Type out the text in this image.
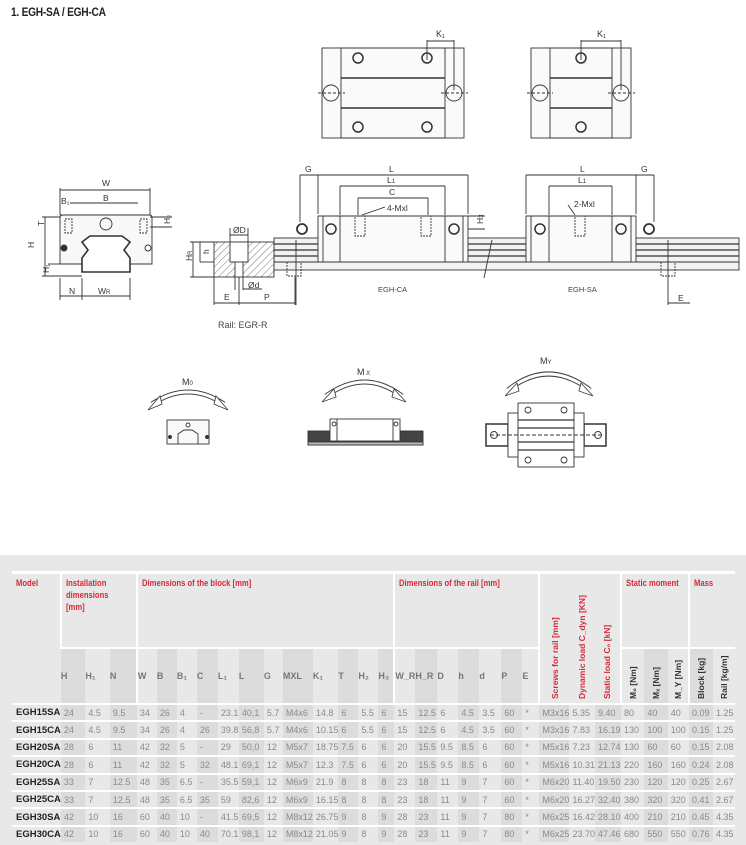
1. EGH-SA / EGH-CA
K₁	K₁
W
B₁	B
T
H
H₁
H₂
N	WR
ØD
h
HR
Ød
E	P
Rail: EGR-R
G	L
L1
C
4-Mxl
H3
L
L1
2-Mxl
G
EGH-CA	EGH-SA
E
M0
M X
MY
Model	Installation dimensions [mm]			Dimensions of the block [mm]												Dimensions of the rail [mm]							Screws for rail [mm]	Dynamic load C_dyn [KN]	Static load C₀ [kN]	Static moment			Mass	
	H	H₁	N	W	B	B₁	C	L₁	L	G	MXL	K₁	T	H₂	H₃	W_R	H_R	D	h	d	P	E				M₀ [Nm]	Mₓ [Nm]	M_Y [Nm]	Block [kg]	Rail [kg/m]

EGH15SA	24	4.5	9.5	34	26	4	-	23.1	40,1	5.7	M4x6	14.8	6	5.5	6	15	12.5	6	4.5	3.5	60	*	M3x16	5.35	9.40	80	40	40	0.09	1.25
EGH15CA	24	4.5	9.5	34	26	4	26	39.8	56,8	5.7	M4x6	10.15	6	5.5	6	15	12.5	6	4.5	3.5	60	*	M3x16	7.83	16.19	130	100	100	0.15	1.25
EGH20SA	28	6	11	42	32	5	-	29	50,0	12	M5x7	18.75	7.5	6	6	20	15.5	9.5	8.5	6	60	*	M5x16	7.23	12.74	130	60	60	0.15	2.08
EGH20CA	28	6	11	42	32	5	32	48.1	69,1	12	M5x7	12.3	7.5	6	6	20	15.5	9.5	8.5	6	60	*	M5x16	10.31	21.13	220	160	160	0.24	2.08
EGH25SA	33	7	12.5	48	35	6.5	-	35.5	59,1	12	M6x9	21.9	8	8	8	23	18	11	9	7	60	*	M6x20	11.40	19.50	230	120	120	0.25	2.67
EGH25CA	33	7	12.5	48	35	6.5	35	59	82,6	12	M6x9	16.15	8	8	8	23	18	11	9	7	60	*	M6x20	16.27	32.40	380	320	320	0.41	2.67
EGH30SA	42	10	16	60	40	10	-	41.5	69,5	12	M8x12	26.75	9	8	9	28	23	11	9	7	80	*	M6x25	16.42	28.10	400	210	210	0.45	4.35
EGH30CA	42	10	16	60	40	10	40	70.1	98,1	12	M8x12	21.05	9	8	9	28	23	11	9	7	80	*	M6x25	23.70	47.46	680	550	550	0.76	4.35
